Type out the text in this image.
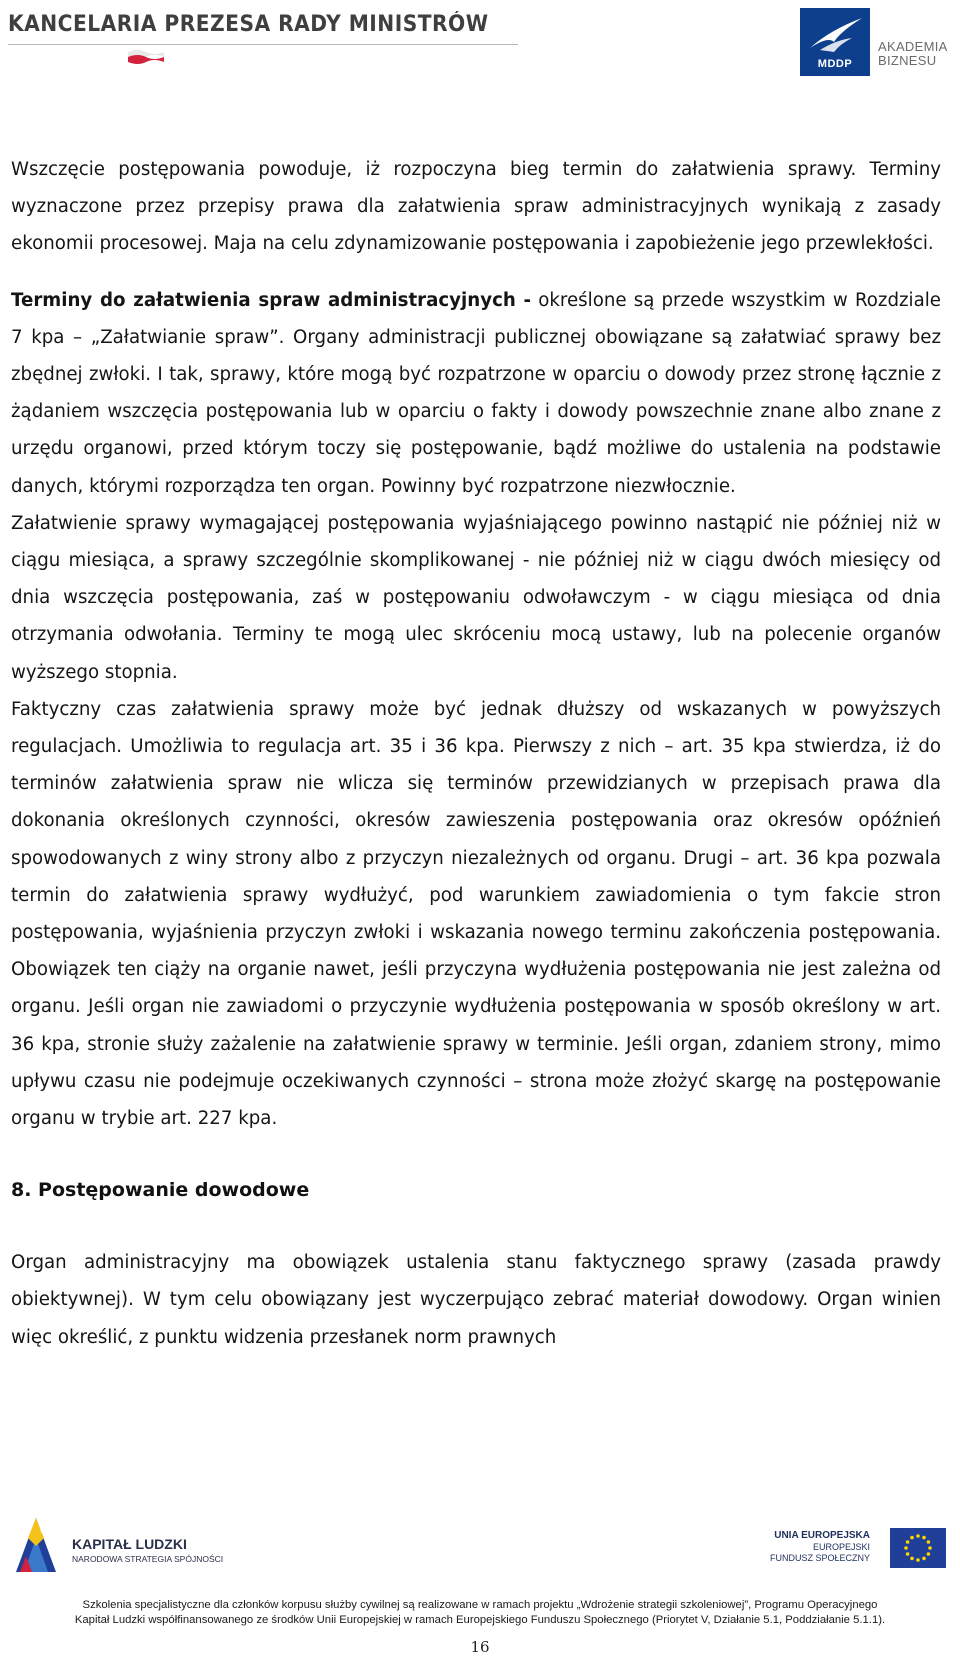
KANCELARIA PREZESA RADY MINISTRÓW
MDDP
AKADEMIA
BIZNESU

Wszczęcie postępowania powoduje, iż rozpoczyna bieg termin do załatwienia sprawy. Terminy wyznaczone przez przepisy prawa dla załatwienia spraw administracyjnych wynikają z zasady ekonomii procesowej. Maja na celu zdynamizowanie postępowania i zapobieżenie jego przewlekłości.

Terminy do załatwienia spraw administracyjnych - określone są przede wszystkim w Rozdziale 7 kpa – „Załatwianie spraw”. Organy administracji publicznej obowiązane są załatwiać sprawy bez zbędnej zwłoki. I tak, sprawy, które mogą być rozpatrzone w oparciu o dowody przez stronę łącznie z żądaniem wszczęcia postępowania lub w oparciu o fakty i dowody powszechnie znane albo znane z urzędu organowi, przed którym toczy się postępowanie, bądź możliwe do ustalenia na podstawie danych, którymi rozporządza ten organ. Powinny być rozpatrzone niezwłocznie.

Załatwienie sprawy wymagającej postępowania wyjaśniającego powinno nastąpić nie później niż w ciągu miesiąca, a sprawy szczególnie skomplikowanej - nie później niż w ciągu dwóch miesięcy od dnia wszczęcia postępowania, zaś w postępowaniu odwoławczym - w ciągu miesiąca od dnia otrzymania odwołania. Terminy te mogą ulec skróceniu mocą ustawy, lub na polecenie organów wyższego stopnia.

Faktyczny czas załatwienia sprawy może być jednak dłuższy od wskazanych w powyższych regulacjach. Umożliwia to regulacja art. 35 i 36 kpa. Pierwszy z nich – art. 35 kpa stwierdza, iż do terminów załatwienia spraw nie wlicza się terminów przewidzianych w przepisach prawa dla dokonania określonych czynności, okresów zawieszenia postępowania oraz okresów opóźnień spowodowanych z winy strony albo z przyczyn niezależnych od organu. Drugi – art. 36 kpa pozwala termin do załatwienia sprawy wydłużyć, pod warunkiem zawiadomienia o tym fakcie stron postępowania, wyjaśnienia przyczyn zwłoki i wskazania nowego terminu zakończenia postępowania. Obowiązek ten ciąży na organie nawet, jeśli przyczyna wydłużenia postępowania nie jest zależna od organu. Jeśli organ nie zawiadomi o przyczynie wydłużenia postępowania w sposób określony w art. 36 kpa, stronie służy zażalenie na załatwienie sprawy w terminie. Jeśli organ, zdaniem strony, mimo upływu czasu nie podejmuje oczekiwanych czynności – strona może złożyć skargę na postępowanie organu w trybie art. 227 kpa.

8. Postępowanie dowodowe

Organ administracyjny ma obowiązek ustalenia stanu faktycznego sprawy (zasada prawdy obiektywnej). W tym celu obowiązany jest wyczerpująco zebrać materiał dowodowy. Organ winien więc określić, z punktu widzenia przesłanek norm prawnych

KAPITAŁ LUDZKI
NARODOWA STRATEGIA SPÓJNOŚCI
UNIA EUROPEJSKA
EUROPEJSKI
FUNDUSZ SPOŁECZNY
Szkolenia specjalistyczne dla członków korpusu służby cywilnej są realizowane w ramach projektu „Wdrożenie strategii szkoleniowej”, Programu Operacyjnego
Kapitał Ludzki współfinansowanego ze środków Unii Europejskiej w ramach Europejskiego Funduszu Społecznego (Priorytet V, Działanie 5.1, Poddziałanie 5.1.1).
16
